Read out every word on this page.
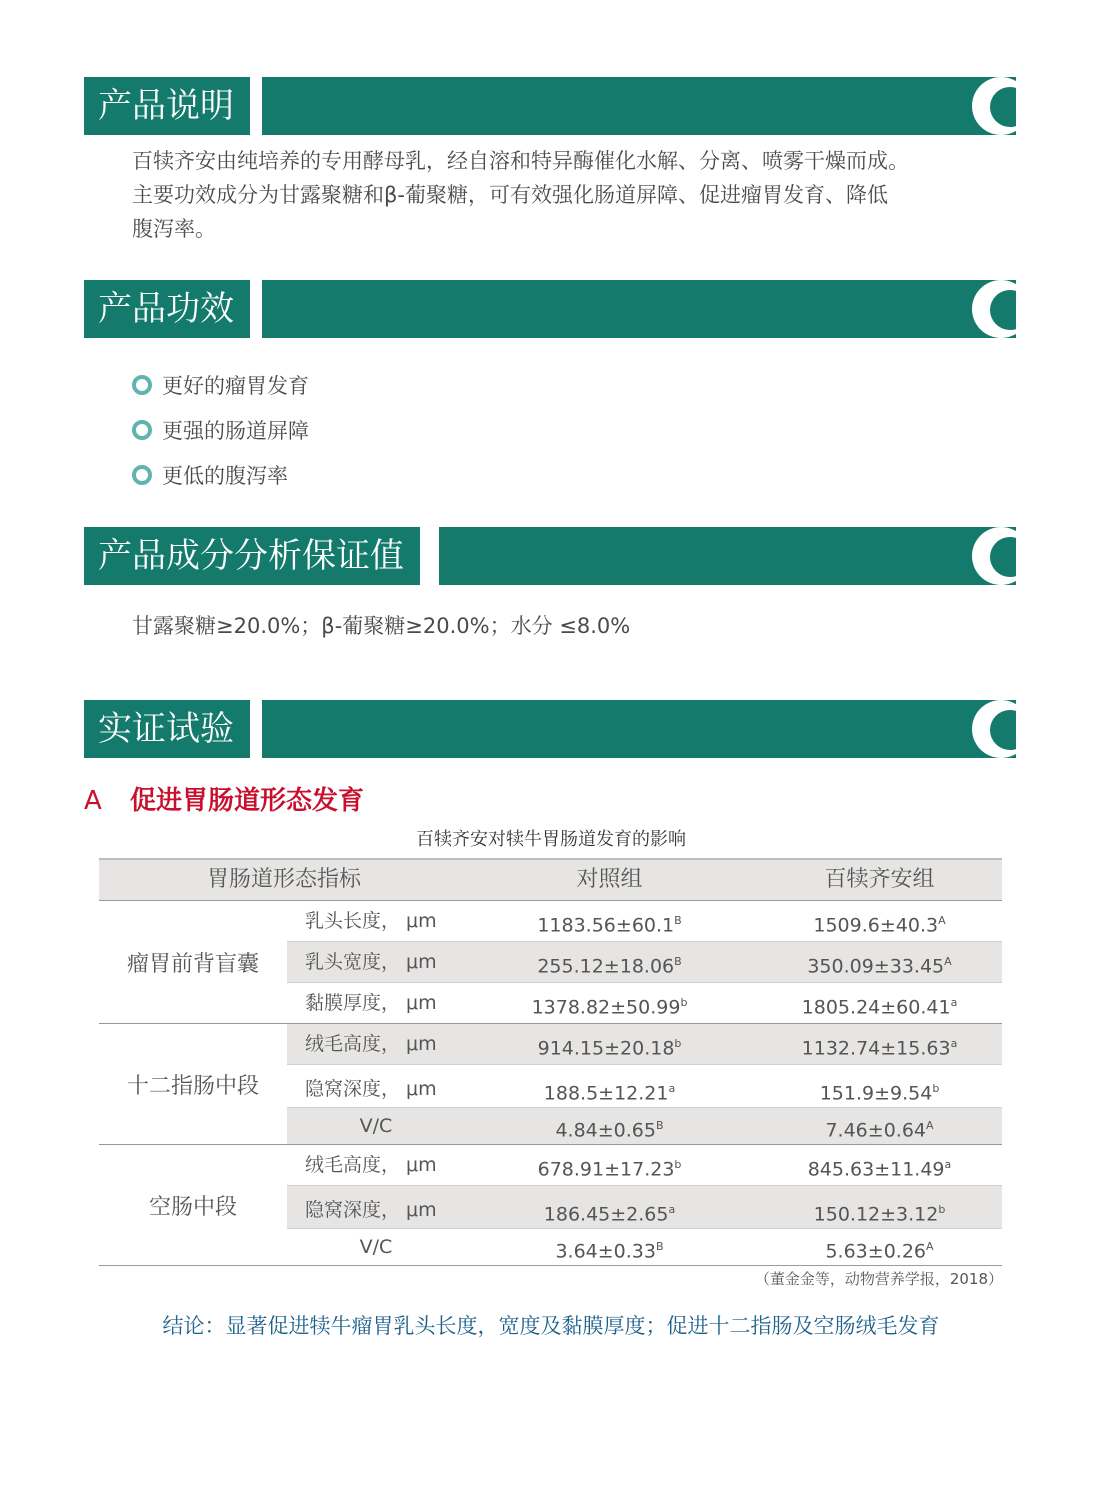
产品说明
百犊齐安由纯培养的专用酵母乳，经自溶和特异酶催化水解、分离、喷雾干燥而成。
主要功效成分为甘露聚糖和β-葡聚糖，可有效强化肠道屏障、促进瘤胃发育、降低
腹泻率。
产品功效
更好的瘤胃发育
更强的肠道屏障
更低的腹泻率
产品成分分析保证值
甘露聚糖≥20.0%；β-葡聚糖≥20.0%；水分 ≤8.0%
实证试验
A 促进胃肠道形态发育
百犊齐安对犊牛胃肠道发育的影响
胃肠道形态指标	对照组	百犊齐安组
瘤胃前背盲囊
乳头长度， μm	$1183.56\pm 60.1^B$	$1509.6\pm 40.3^A$
乳头宽度， μm	$255.12\pm 18.06^B$	$350.09\pm 33.45^A$
黏膜厚度， μm	1378.82±50.99$^b$	1805.24±60.41$^a$
十二指肠中段
绒毛高度， μm	914.15±20.18$^b$	1132.74±15.63$^a$
隐窝深度， μm	188.5±12.21$^a$	151.9±9.54$^b$
V/C	$4.84\pm 0.65^B$	$7.46\pm 0.64^A$
空肠中段
绒毛高度， μm	678.91±17.23$^b$	845.63±11.49$^a$
隐窝深度， μm	186.45±2.65$^a$	150.12±3.12$^b$
V/C	$3.64\pm 0.33^B$	$5.63\pm 0.26^A$
（董金金等，动物营养学报，2018）
结论：显著促进犊牛瘤胃乳头长度，宽度及黏膜厚度；促进十二指肠及空肠绒毛发育
